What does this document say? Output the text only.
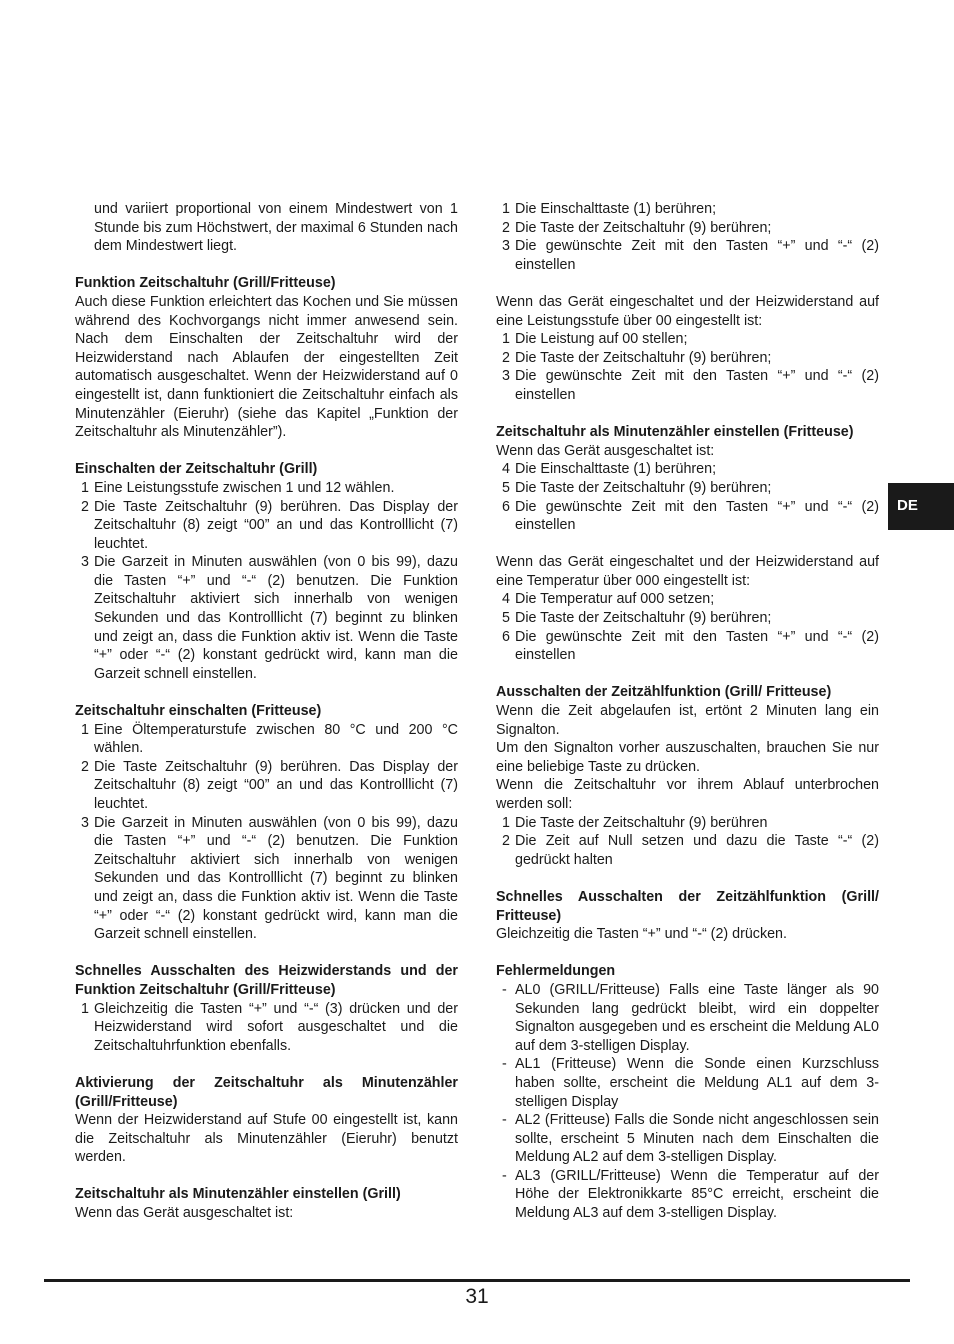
und variiert proportional von einem Mindestwert von 1 Stunde bis zum Höchstwert, der maximal 6 Stunden nach dem Mindestwert liegt.

Funktion Zeitschaltuhr (Grill/Fritteuse)

Auch diese Funktion erleichtert das Kochen und Sie müssen während des Kochvorgangs nicht immer anwesend sein. Nach dem Einschalten der Zeitschaltuhr wird der Heizwiderstand nach Ablaufen der eingestellten Zeit automatisch ausgeschaltet. Wenn der Heizwiderstand auf 0 eingestellt ist, dann funktioniert die Zeitschaltuhr einfach als Minutenzähler (Eieruhr) (siehe das Kapitel „Funktion der Zeitschaltuhr als Minutenzähler”).

Einschalten der Zeitschaltuhr (Grill)
1 Eine Leistungsstufe zwischen 1 und 12 wählen.
2 Die Taste Zeitschaltuhr (9) berühren. Das Display der Zeitschaltuhr (8) zeigt “00” an und das Kontrolllicht (7) leuchtet.
3 Die Garzeit in Minuten auswählen (von 0 bis 99), dazu die Tasten “+” und “-“ (2) benutzen. Die Funktion Zeitschaltuhr aktiviert sich innerhalb von wenigen Sekunden und das Kontrolllicht (7) beginnt zu blinken und zeigt an, dass die Funktion aktiv ist. Wenn die Taste “+” oder “-“ (2) konstant gedrückt wird, kann man die Garzeit schnell einstellen.
Zeitschaltuhr einschalten (Fritteuse)
1 Eine Öltemperaturstufe zwischen 80 °C und 200 °C wählen.
2 Die Taste Zeitschaltuhr (9) berühren. Das Display der Zeitschaltuhr (8) zeigt “00” an und das Kontrolllicht (7) leuchtet.
3 Die Garzeit in Minuten auswählen (von 0 bis 99), dazu die Tasten “+” und “-“ (2) benutzen. Die Funktion Zeitschaltuhr aktiviert sich innerhalb von wenigen Sekunden und das Kontrolllicht (7) beginnt zu blinken und zeigt an, dass die Funktion aktiv ist. Wenn die Taste “+” oder “-“ (2) konstant gedrückt wird, kann man die Garzeit schnell einstellen.
Schnelles Ausschalten des Heizwiderstands und der Funktion Zeitschaltuhr (Grill/Fritteuse)
1 Gleichzeitig die Tasten “+” und “-“ (3) drücken und der Heizwiderstand wird sofort ausgeschaltet und die Zeitschaltuhrfunktion ebenfalls.
Aktivierung der Zeitschaltuhr als Minutenzähler (Grill/Fritteuse)

Wenn der Heizwiderstand auf Stufe 00 eingestellt ist, kann die Zeitschaltuhr als Minutenzähler (Eieruhr) benutzt werden.

Zeitschaltuhr als Minutenzähler einstellen (Grill)

Wenn das Gerät ausgeschaltet ist:

1 Die Einschalttaste (1) berühren;
2 Die Taste der Zeitschaltuhr (9) berühren;
3 Die gewünschte Zeit mit den Tasten “+” und “-“ (2) einstellen

Wenn das Gerät eingeschaltet und der Heizwiderstand auf eine Leistungsstufe über 00 eingestellt ist:

1 Die Leistung auf 00 stellen;
2 Die Taste der Zeitschaltuhr (9) berühren;
3 Die gewünschte Zeit mit den Tasten “+” und “-“ (2) einstellen
Zeitschaltuhr als Minutenzähler einstellen (Fritteuse)

Wenn das Gerät ausgeschaltet ist:

4 Die Einschalttaste (1) berühren;
5 Die Taste der Zeitschaltuhr (9) berühren;
6 Die gewünschte Zeit mit den Tasten “+” und “-“ (2) einstellen

Wenn das Gerät eingeschaltet und der Heizwiderstand auf eine Temperatur über 000 eingestellt ist:

4 Die Temperatur auf 000 setzen;
5 Die Taste der Zeitschaltuhr (9) berühren;
6 Die gewünschte Zeit mit den Tasten “+” und “-“ (2) einstellen
Ausschalten der Zeitzählfunktion (Grill/ Fritteuse)

Wenn die Zeit abgelaufen ist, ertönt 2 Minuten lang ein Signalton.

Um den Signalton vorher auszuschalten, brauchen Sie nur eine beliebige Taste zu drücken.

Wenn die Zeitschaltuhr vor ihrem Ablauf unterbrochen werden soll:

1 Die Taste der Zeitschaltuhr (9) berühren
2 Die Zeit auf Null setzen und dazu die Taste “-“ (2) gedrückt halten
Schnelles Ausschalten der Zeitzählfunktion (Grill/ Fritteuse)

Gleichzeitig die Tasten “+” und “-“ (2) drücken.

Fehlermeldungen
- AL0 (GRILL/Fritteuse) Falls eine Taste länger als 90 Sekunden lang gedrückt bleibt, wird ein doppelter Signalton ausgegeben und es erscheint die Meldung AL0 auf dem 3-stelligen Display.
- AL1 (Fritteuse) Wenn die Sonde einen Kurzschluss haben sollte, erscheint die Meldung AL1 auf dem 3-stelligen Display
- AL2 (Fritteuse) Falls die Sonde nicht angeschlossen sein sollte, erscheint 5 Minuten nach dem Einschalten die Meldung AL2 auf dem 3-stelligen Display.
- AL3 (GRILL/Fritteuse) Wenn die Temperatur auf der Höhe der Elektronikkarte 85°C erreicht, erscheint die Meldung AL3 auf dem 3-stelligen Display.
DE
31
